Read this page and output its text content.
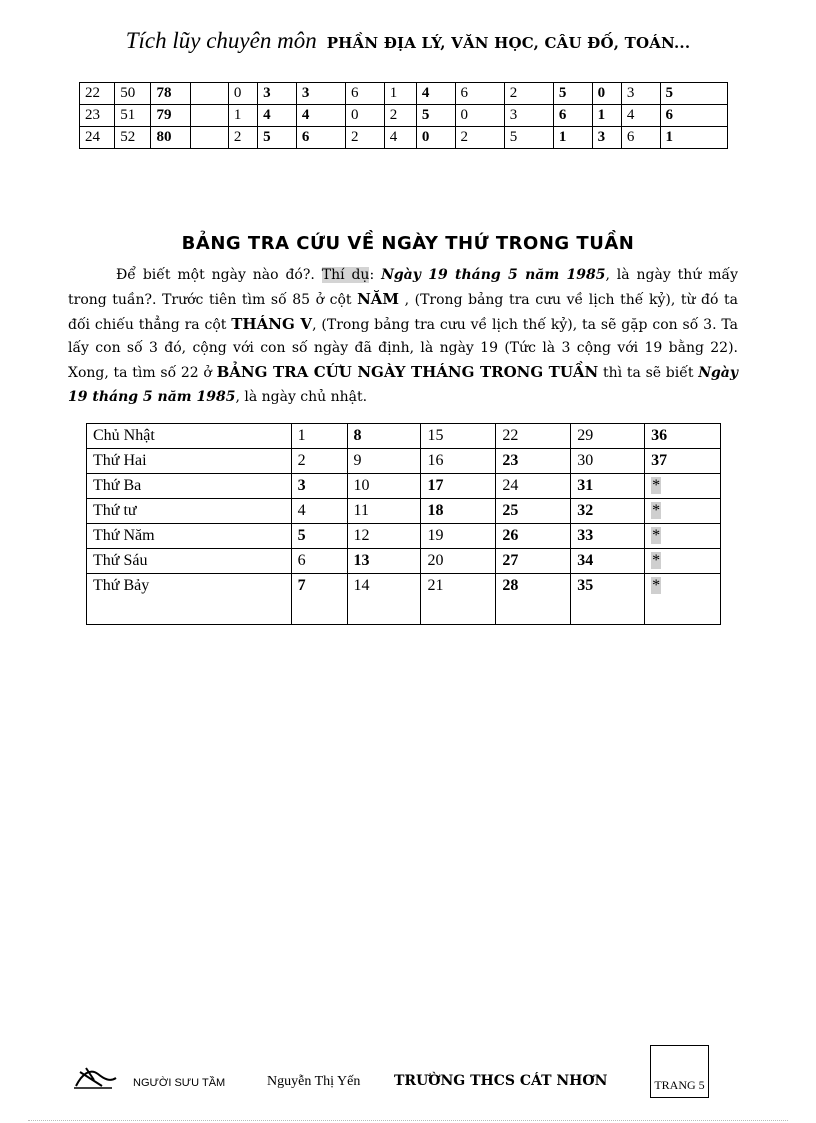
Tích lũy chuyên môn PHẦN ĐỊA LÝ, VĂN HỌC, CÂU ĐỐ, TOÁN...
22	50	78		0	3	3	6	1	4	6	2	5	0	3	5
23	51	79		1	4	4	0	2	5	0	3	6	1	4	6
24	52	80		2	5	6	2	4	0	2	5	1	3	6	1
BẢNG TRA CỨU VỀ NGÀY THỨ TRONG TUẦN

Để biết một ngày nào đó?. Thí dụ: Ngày 19 tháng 5 năm 1985, là ngày thứ mấy trong tuần?. Trước tiên tìm số 85 ở cột NĂM , (Trong bảng tra cưu về lịch thế kỷ), từ đó ta đối chiếu thẳng ra cột THÁNG V, (Trong bảng tra cưu về lịch thế kỷ), ta sẽ gặp con số 3. Ta lấy con số 3 đó, cộng với con số ngày đã định, là ngày 19 (Tức là 3 cộng với 19 bằng 22). Xong, ta tìm số 22 ở BẢNG TRA CỨU NGÀY THÁNG TRONG TUẦN thì ta sẽ biết Ngày 19 tháng 5 năm 1985, là ngày chủ nhật.

Chủ Nhật	1	8	15	22	29	36
Thứ Hai	2	9	16	23	30	37
Thứ Ba	3	10	17	24	31	*
Thứ tư	4	11	18	25	32	*
Thứ Năm	5	12	19	26	33	*
Thứ Sáu	6	13	20	27	34	*
Thứ Bảy	7	14	21	28	35	*
NGƯỜI SƯU TẦM	Nguyễn Thị Yến TRƯỜNG THCS CÁT NHƠN	TRANG 5
